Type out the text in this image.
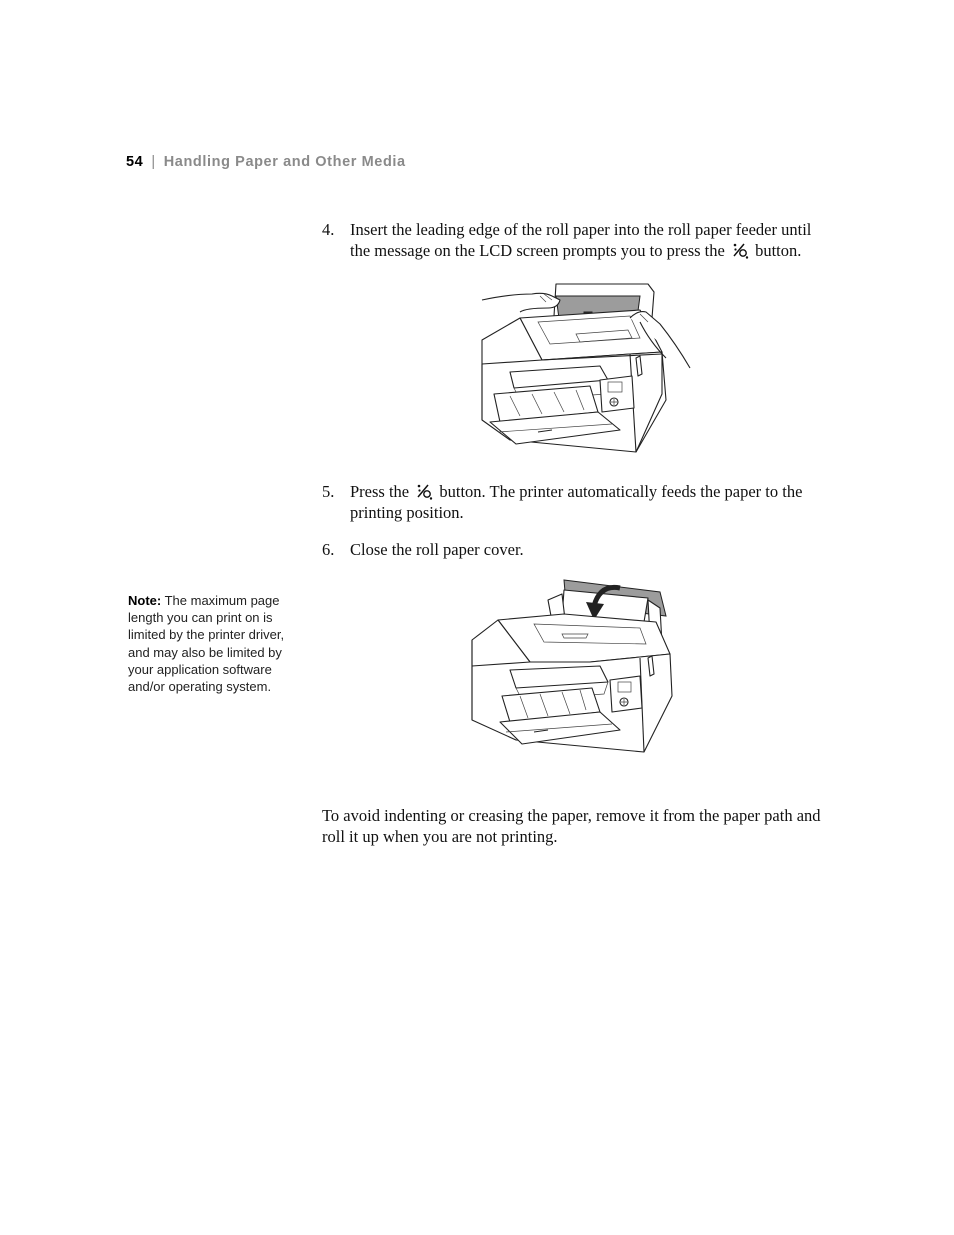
54 | Handling Paper and Other Media
4. Insert the leading edge of the roll paper into the roll paper feeder until the message on the LCD screen prompts you to press the button.
5. Press the button. The printer automatically feeds the paper to the printing position.
6. Close the roll paper cover.
Note: The maximum page length you can print on is limited by the printer driver, and may also be limited by your application software and/or operating system.
To avoid indenting or creasing the paper, remove it from the paper path and roll it up when you are not printing.
